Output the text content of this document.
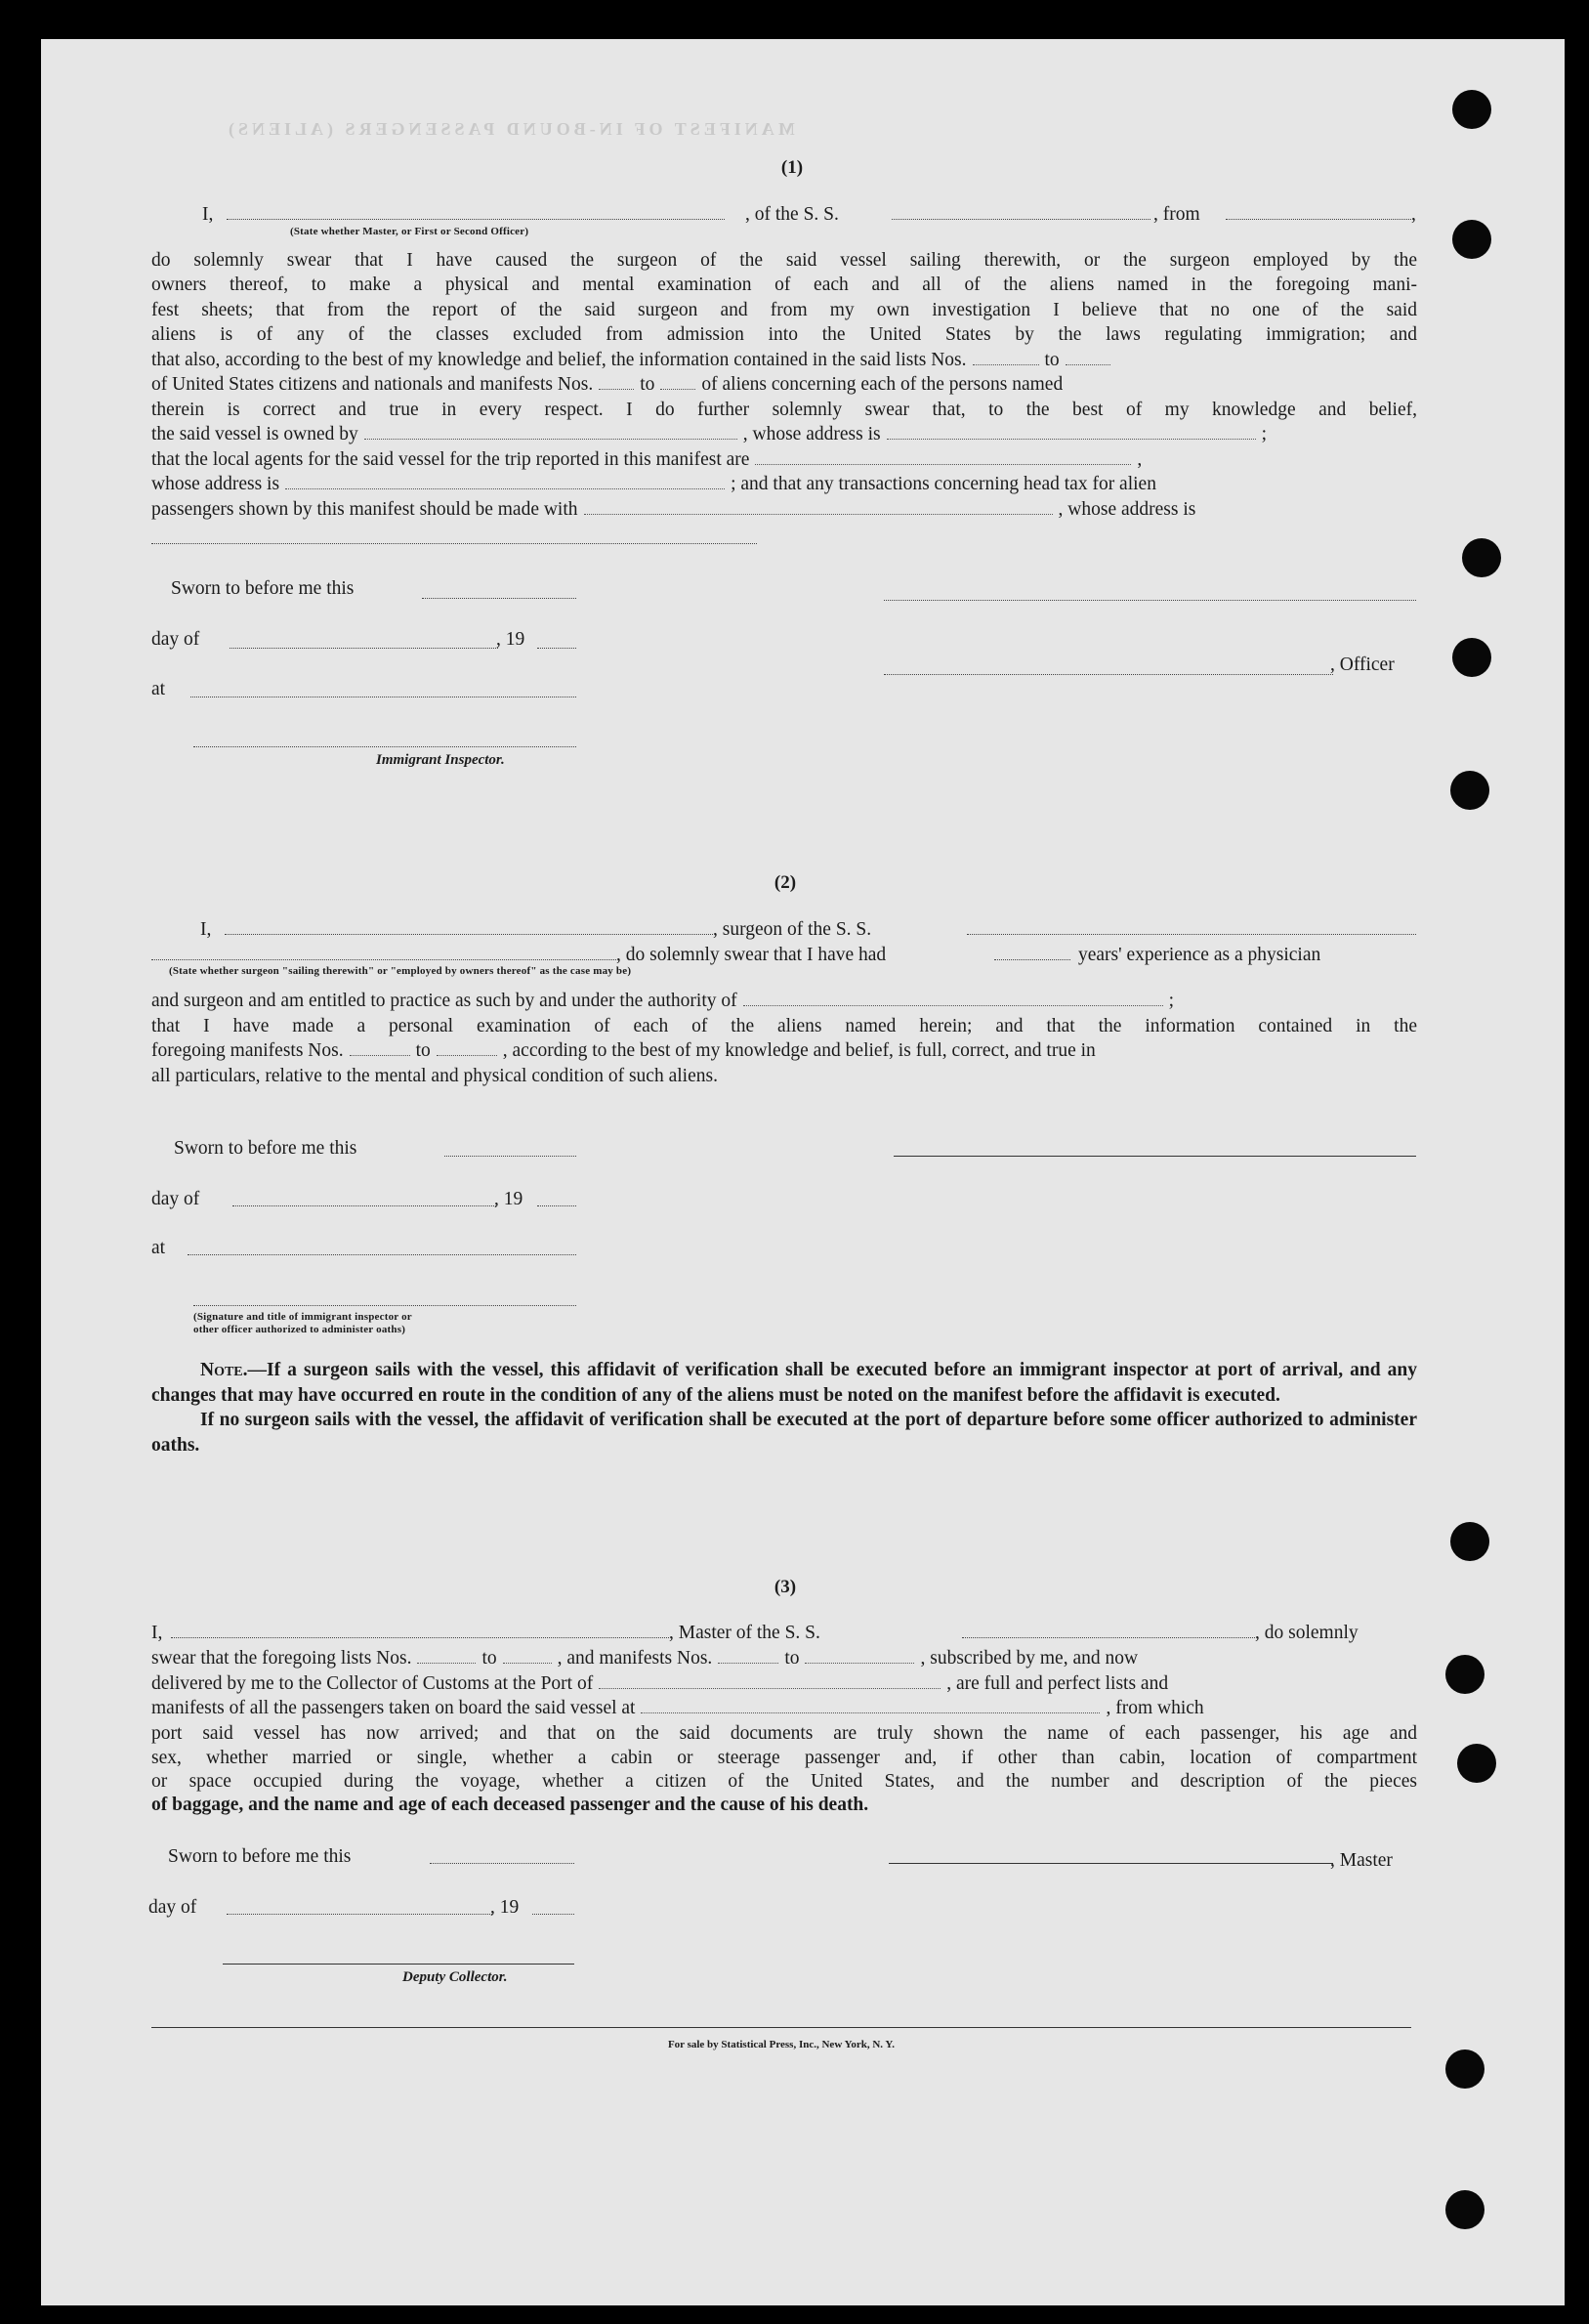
MANIFEST OF IN-BOUND PASSENGERS (ALIENS)
(1)
I,	, of the S. S.	, from	,
(State whether Master, or First or Second Officer)
do solemnly swear that I have caused the surgeon of the said vessel sailing therewith, or the surgeon employed by the
owners thereof, to make a physical and mental examination of each and all of the aliens named in the foregoing mani-
fest sheets; that from the report of the said surgeon and from my own investigation I believe that no one of the said
aliens is of any of the classes excluded from admission into the United States by the laws regulating immigration; and
that also, according to the best of my knowledge and belief, the information contained in the said lists Nos.	to
of United States citizens and nationals and manifests Nos. to of aliens concerning each of the persons named
therein is correct and true in every respect. I do further solemnly swear that, to the best of my knowledge and belief,
the said vessel is owned by	, whose address is	;
that the local agents for the said vessel for the trip reported in this manifest are	,
whose address is	; and that any transactions concerning head tax for alien
passengers shown by this manifest should be made with	, whose address is
Sworn to before me this
day of	, 19
, Officer
at
Immigrant Inspector.
(2)
I,	, surgeon of the S. S.
, do solemnly swear that I have had	years' experience as a physician
(State whether surgeon "sailing therewith" or "employed by owners thereof" as the case may be)
and surgeon and am entitled to practice as such by and under the authority of	;
that I have made a personal examination of each of the aliens named herein; and that the information contained in the
foregoing manifests Nos.	to	, according to the best of my knowledge and belief, is full, correct, and true in
all particulars, relative to the mental and physical condition of such aliens.
Sworn to before me this
day of	, 19
at
(Signature and title of immigrant inspector or
other officer authorized to administer oaths)
Note.—If a surgeon sails with the vessel, this affidavit of verification shall be executed before an immigrant inspector at port of arrival, and any changes that may have occurred en route in the condition of any of the aliens must be noted on the manifest before the affidavit is executed.
If no surgeon sails with the vessel, the affidavit of verification shall be executed at the port of departure before some officer authorized to administer oaths.
(3)
I,	, Master of the S. S.	, do solemnly
swear that the foregoing lists Nos.	to	, and manifests Nos.	to	, subscribed by me, and now
delivered by me to the Collector of Customs at the Port of	, are full and perfect lists and
manifests of all the passengers taken on board the said vessel at	, from which
port said vessel has now arrived; and that on the said documents are truly shown the name of each passenger, his age and
sex, whether married or single, whether a cabin or steerage passenger and, if other than cabin, location of compartment
or space occupied during the voyage, whether a citizen of the United States, and the number and description of the pieces
of baggage, and the name and age of each deceased passenger and the cause of his death.
Sworn to before me this	, Master
day of	, 19
Deputy Collector.
For sale by Statistical Press, Inc., New York, N. Y.
